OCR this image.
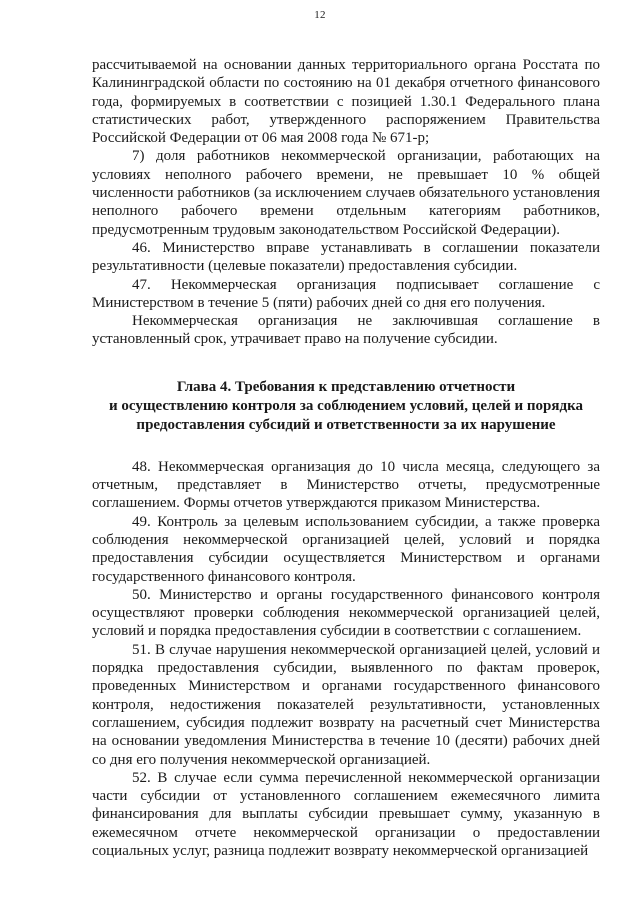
12

рассчитываемой на основании данных территориального органа Росстата по Калининградской области по состоянию на 01 декабря отчетного финансового года, формируемых в соответствии с позицией 1.30.1 Федерального плана статистических работ, утвержденного распоряжением Правительства Российской Федерации от 06 мая 2008 года № 671-р;

7) доля работников некоммерческой организации, работающих на условиях неполного рабочего времени, не превышает 10 % общей численности работников (за исключением случаев обязательного установления неполного рабочего времени отдельным категориям работников, предусмотренным трудовым законодательством Российской Федерации).

46. Министерство вправе устанавливать в соглашении показатели результативности (целевые показатели) предоставления субсидии.

47. Некоммерческая организация подписывает соглашение с Министерством в течение 5 (пяти) рабочих дней со дня его получения.

Некоммерческая организация не заключившая соглашение в установленный срок, утрачивает право на получение субсидии.

Глава 4. Требования к представлению отчетности
и осуществлению контроля за соблюдением условий, целей и порядка
предоставления субсидий и ответственности за их нарушение

48. Некоммерческая организация до 10 числа месяца, следующего за отчетным, представляет в Министерство отчеты, предусмотренные соглашением. Формы отчетов утверждаются приказом Министерства.

49. Контроль за целевым использованием субсидии, а также проверка соблюдения некоммерческой организацией целей, условий и порядка предоставления субсидии осуществляется Министерством и органами государственного финансового контроля.

50. Министерство и органы государственного финансового контроля осуществляют проверки соблюдения некоммерческой организацией целей, условий и порядка предоставления субсидии в соответствии с соглашением.

51. В случае нарушения некоммерческой организацией целей, условий и порядка предоставления субсидии, выявленного по фактам проверок, проведенных Министерством и органами государственного финансового контроля, недостижения показателей результативности, установленных соглашением, субсидия подлежит возврату на расчетный счет Министерства на основании уведомления Министерства в течение 10 (десяти) рабочих дней со дня его получения некоммерческой организацией.

52. В случае если сумма перечисленной некоммерческой организации части субсидии от установленного соглашением ежемесячного лимита финансирования для выплаты субсидии превышает сумму, указанную в ежемесячном отчете некоммерческой организации о предоставлении социальных услуг, разница подлежит возврату некоммерческой организацией
